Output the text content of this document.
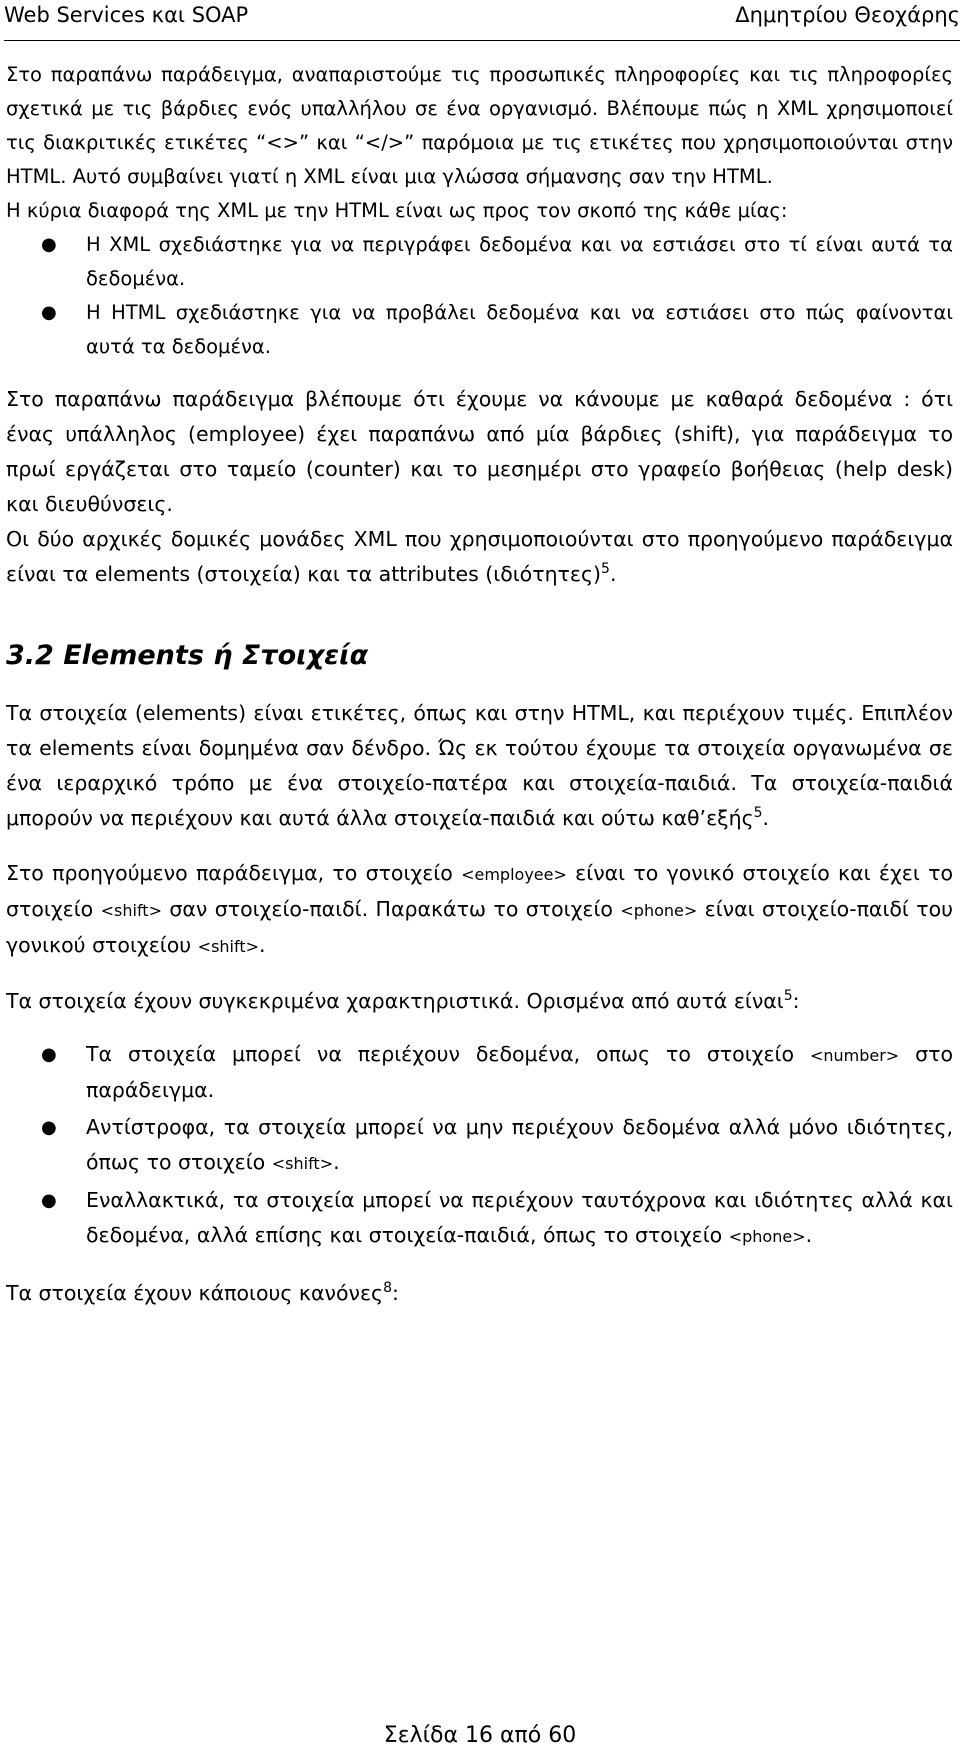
Web Services και SOAP	Δημητρίου Θεοχάρης

Στο παραπάνω παράδειγμα, αναπαριστούμε τις προσωπικές πληροφορίες και τις πληροφορίες σχετικά με τις βάρδιες ενός υπαλλήλου σε ένα οργανισμό. Βλέπουμε πώς η XML χρησιμοποιεί τις διακριτικές ετικέτες “<>” και “</>” παρόμοια με τις ετικέτες που χρησιμοποιούνται στην HTML. Αυτό συμβαίνει γιατί η XML είναι μια γλώσσα σήμανσης σαν την HTML.

Η κύρια διαφορά της XML με την HTML είναι ως προς τον σκοπό της κάθε μίας:

● Η XML σχεδιάστηκε για να περιγράφει δεδομένα και να εστιάσει στο τί είναι αυτά τα δεδομένα.
● Η HTML σχεδιάστηκε για να προβάλει δεδομένα και να εστιάσει στο πώς φαίνονται αυτά τα δεδομένα.

Στο παραπάνω παράδειγμα βλέπουμε ότι έχουμε να κάνουμε με καθαρά δεδομένα : ότι ένας υπάλληλος (employee) έχει παραπάνω από μία βάρδιες (shift), για παράδειγμα το πρωί εργάζεται στο ταμείο (counter) και το μεσημέρι στο γραφείο βοήθειας (help desk) και διευθύνσεις.

Οι δύο αρχικές δομικές μονάδες XML που χρησιμοποιούνται στο προηγούμενο παράδειγμα είναι τα elements (στοιχεία) και τα attributes $(\iota\delta\iota ό\tau\eta\tau\varepsilon\varsigma)^5$.

3.2 Elements ή Στοιχεία

Τα στοιχεία (elements) είναι ετικέτες, όπως και στην HTML, και περιέχουν τιμές. Επιπλέον τα elements είναι δομημένα σαν δένδρο. Ώς εκ τούτου έχουμε τα στοιχεία οργανωμένα σε ένα ιεραρχικό τρόπο με ένα στοιχείο-πατέρα και στοιχεία-παιδιά. Τα στοιχεία-παιδιά μπορούν να περιέχουν και αυτά άλλα στοιχεία-παιδιά και ούτω καθ’εξής$^5$.

Στο προηγούμενο παράδειγμα, το στοιχείο <employee> είναι το γονικό στοιχείο και έχει το στοιχείο <shift> σαν στοιχείο-παιδί. Παρακάτω το στοιχείο <phone> είναι στοιχείο-παιδί του γονικού στοιχείου <shift>.

Τα στοιχεία έχουν συγκεκριμένα χαρακτηριστικά. Ορισμένα από αυτά είναι$^5$:

● Τα στοιχεία μπορεί να περιέχουν δεδομένα, οπως το στοιχείο <number> στο παράδειγμα.
● Αντίστροφα, τα στοιχεία μπορεί να μην περιέχουν δεδομένα αλλά μόνο ιδιότητες, όπως το στοιχείο <shift>.
● Εναλλακτικά, τα στοιχεία μπορεί να περιέχουν ταυτόχρονα και ιδιότητες αλλά και δεδομένα, αλλά επίσης και στοιχεία-παιδιά, όπως το στοιχείο <phone>.

Τα στοιχεία έχουν κάποιους κανόνες$^8$:

Σελίδα 16 από 60
